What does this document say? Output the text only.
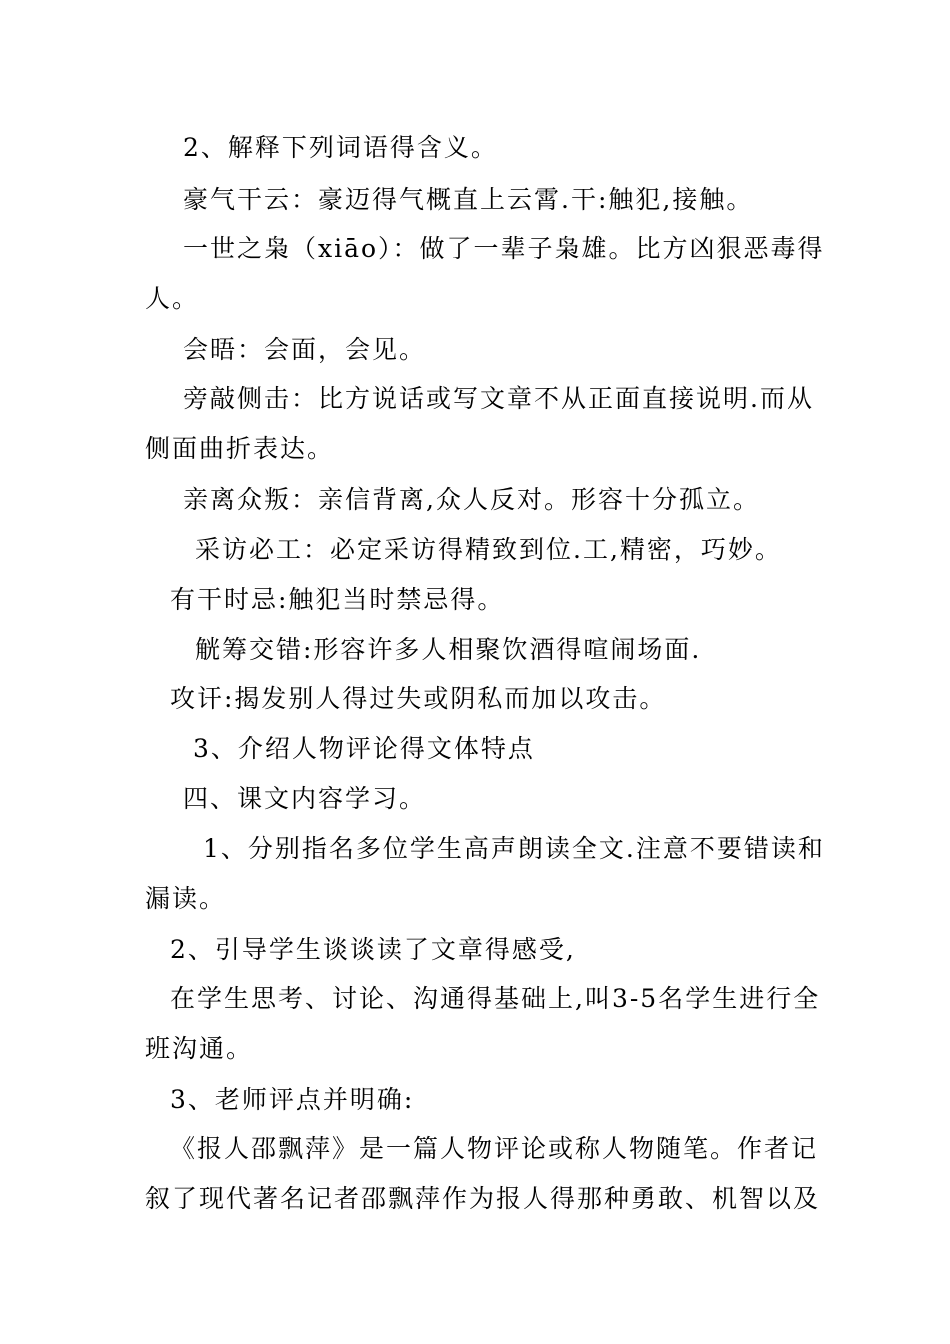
2、解释下列词语得含义。
豪气干云：豪迈得气概直上云霄.干:触犯,接触。
一世之枭（xiāo）：做了一辈子枭雄。比方凶狠恶毒得
人。
会晤：会面，会见。
旁敲侧击：比方说话或写文章不从正面直接说明.而从
侧面曲折表达。
亲离众叛：亲信背离,众人反对。形容十分孤立。
采访必工：必定采访得精致到位.工,精密，巧妙。
有干时忌:触犯当时禁忌得。
觥筹交错:形容许多人相聚饮酒得喧闹场面.
攻讦:揭发别人得过失或阴私而加以攻击。
3、介绍人物评论得文体特点
四、课文内容学习。
1、分别指名多位学生高声朗读全文.注意不要错读和
漏读。
2、引导学生谈谈读了文章得感受,
在学生思考、讨论、沟通得基础上,叫3-5名学生进行全
班沟通。
3、老师评点并明确:
《报人邵飘萍》是一篇人物评论或称人物随笔。作者记
叙了现代著名记者邵飘萍作为报人得那种勇敢、机智以及
